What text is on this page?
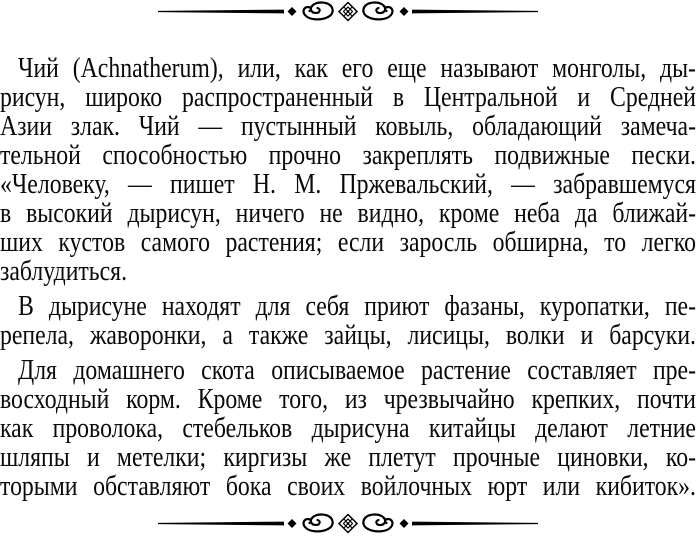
Чий (Achnatherum), или, как его еще называют монголы, ды-
рисун, широко распространенный в Центральной и Средней
Азии злак. Чий — пустынный ковыль, обладающий замеча-
тельной способностью прочно закреплять подвижные пески.
«Человеку, — пишет Н. М. Пржевальский, — забравшемуся
в высокий дырисун, ничего не видно, кроме неба да ближай-
ших кустов самого растения; если заросль обширна, то легко
заблудиться.
В дырисуне находят для себя приют фазаны, куропатки, пе-
репела, жаворонки, а также зайцы, лисицы, волки и барсуки.
Для домашнего скота описываемое растение составляет пре-
восходный корм. Кроме того, из чрезвычайно крепких, почти
как проволока, стебельков дырисуна китайцы делают летние
шляпы и метелки; киргизы же плетут прочные циновки, ко-
торыми обставляют бока своих войлочных юрт или кибиток».
